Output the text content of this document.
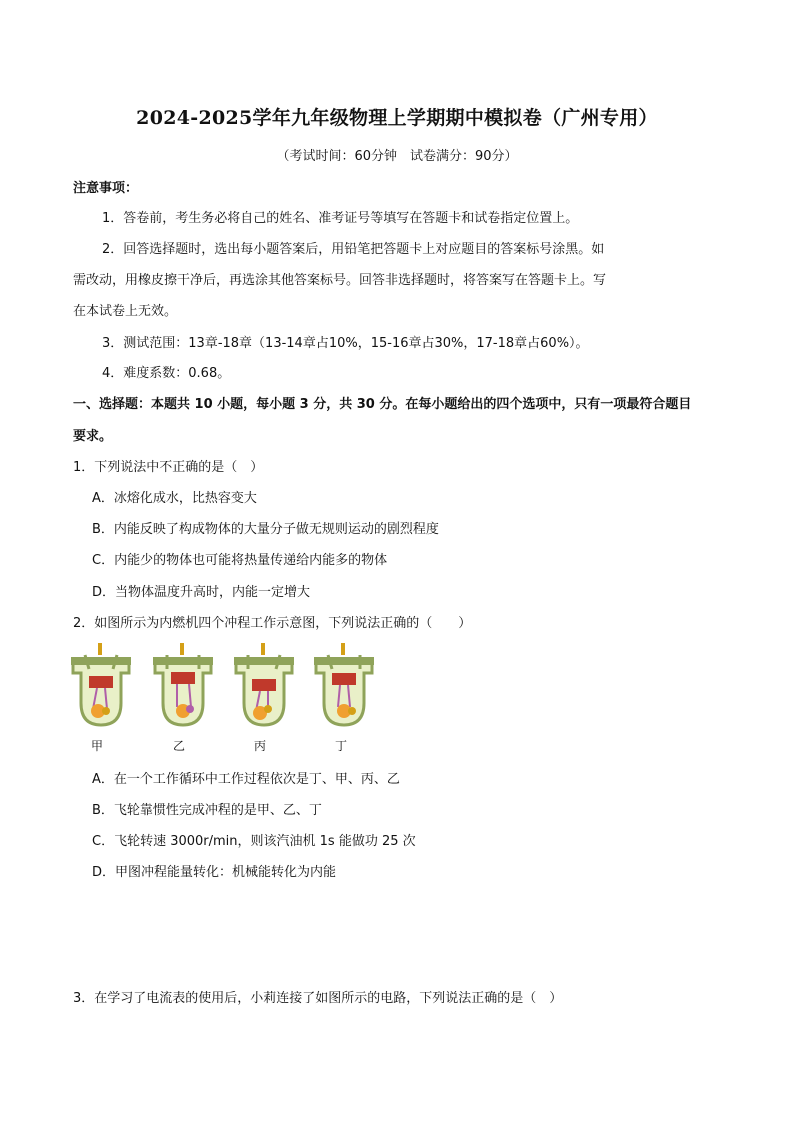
2024-2025学年九年级物理上学期期中模拟卷（广州专用）
（考试时间：60分钟　试卷满分：90分）
注意事项：
1．答卷前，考生务必将自己的姓名、准考证号等填写在答题卡和试卷指定位置上。
2．回答选择题时，选出每小题答案后，用铅笔把答题卡上对应题目的答案标号涂黑。如
需改动，用橡皮擦干净后，再选涂其他答案标号。回答非选择题时，将答案写在答题卡上。写
在本试卷上无效。
3．测试范围：13章-18章（13-14章占10%，15-16章占30%，17-18章占60%）。
4．难度系数：0.68。
一、选择题：本题共 10 小题，每小题 3 分，共 30 分。在每小题给出的四个选项中，只有一项最符合题目
要求。
1．下列说法中不正确的是（　）
A．冰熔化成水，比热容变大
B．内能反映了构成物体的大量分子做无规则运动的剧烈程度
C．内能少的物体也可能将热量传递给内能多的物体
D．当物体温度升高时，内能一定增大
2．如图所示为内燃机四个冲程工作示意图，下列说法正确的（　　）
甲	乙	丙	丁
A．在一个工作循环中工作过程依次是丁、甲、丙、乙
B．飞轮靠惯性完成冲程的是甲、乙、丁
C．飞轮转速 3000r/min，则该汽油机 1s 能做功 25 次
D．甲图冲程能量转化：机械能转化为内能
3．在学习了电流表的使用后，小莉连接了如图所示的电路，下列说法正确的是（　）
